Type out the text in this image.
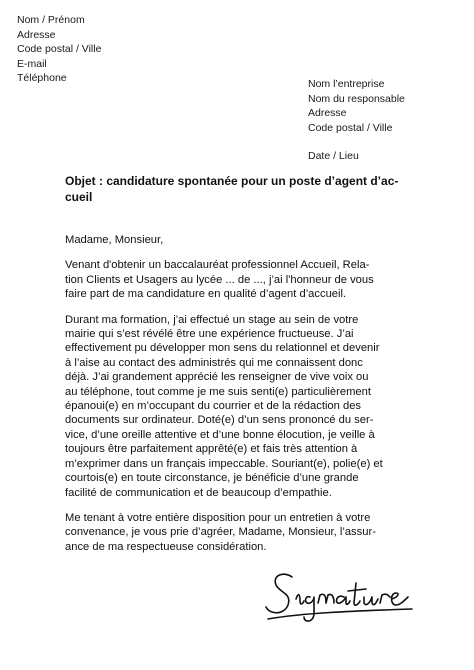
Nom / Prénom
Adresse
Code postal / Ville
E-mail
Téléphone	Nom l’entreprise
Nom du responsable
Adresse
Code postal / Ville
Date / Lieu
Objet : candidature spontanée pour un poste d’agent d’ac-
cueil
Madame, Monsieur,
Venant d'obtenir un baccalauréat professionnel Accueil, Rela-
tion Clients et Usagers au lycée ... de ..., j’ai l'honneur de vous
faire part de ma candidature en qualité d’agent d’accueil.
Durant ma formation, j’ai effectué un stage au sein de votre
mairie qui s’est révélé être une expérience fructueuse. J’ai
effectivement pu développer mon sens du relationnel et devenir
à l’aise au contact des administrés qui me connaissent donc
déjà. J’ai grandement apprécié les renseigner de vive voix ou
au téléphone, tout comme je me suis senti(e) particulièrement
épanoui(e) en m’occupant du courrier et de la rédaction des
documents sur ordinateur. Doté(e) d’un sens prononcé du ser-
vice, d’une oreille attentive et d’une bonne élocution, je veille à
toujours être parfaitement apprêté(e) et fais très attention à
m’exprimer dans un français impeccable. Souriant(e), polie(e) et
courtois(e) en toute circonstance, je bénéficie d’une grande
facilité de communication et de beaucoup d’empathie.
Me tenant à votre entière disposition pour un entretien à votre
convenance, je vous prie d’agréer, Madame, Monsieur, l’assur-
ance de ma respectueuse considération.
